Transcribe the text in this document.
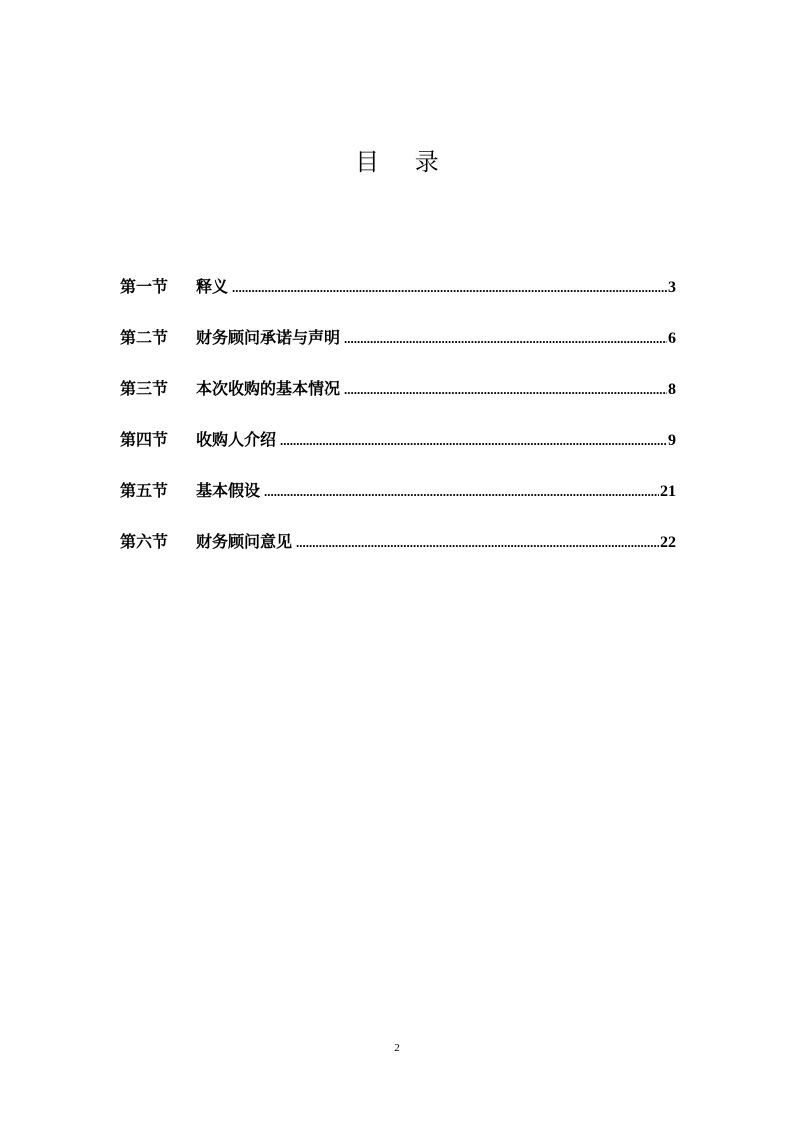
目 录
第一节	释义 .....	3
第二节	财务顾问承诺与声明 .....	6
第三节	本次收购的基本情况 .....	8
第四节	收购人介绍 .....	9
第五节	基本假设 .....	21
第六节	财务顾问意见 .....	22
2
